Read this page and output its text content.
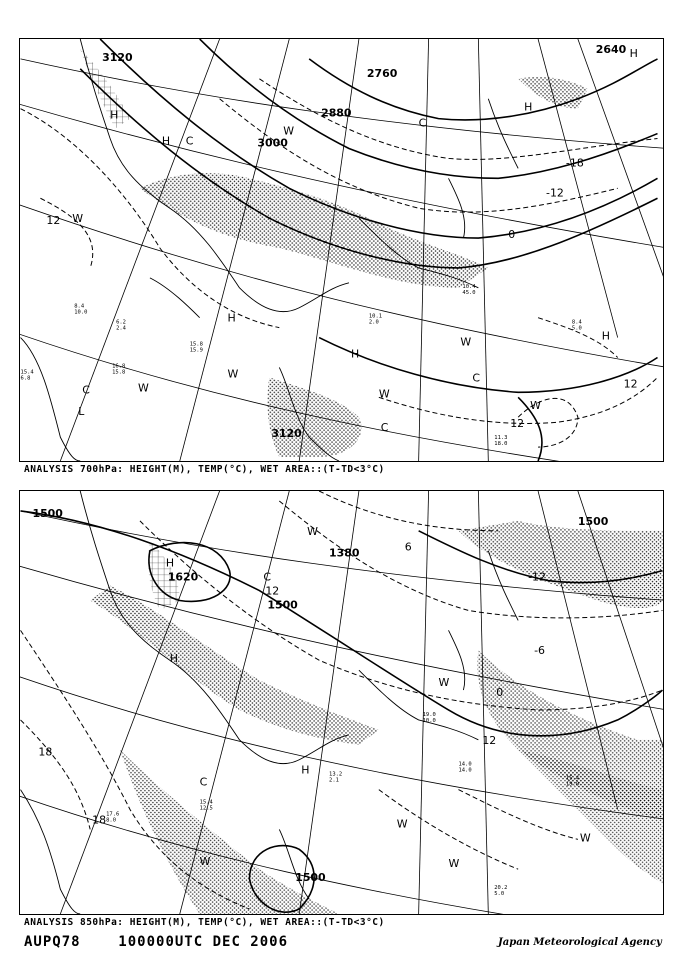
3120
3000
2880
2760
2640
3120
12
12
12
-18
-12
0
H
H C
W
W
C
L
W
H
W
H
C
W
H
W
C
W
C
H
H
10.4 45.0
8.4 5.0
11.3 18.0
16.8 15.8
8.4 10.0
6.2 2.4
15.8 15.9
15.4 6.8
10.1 2.0
ANALYSIS 700hPa: HEIGHT(M), TEMP(°C), WET AREA::(T-TD<3°C)
1500
1620
1500
1500
1380
1500
12
18
18
12
-12
-6
0
6
W
H
C
H
C
W	W
W
H
W
W
14.0 14.0
15.4 19.0
20.2 5.0
17.6 8.0
13.2 2.1
19.0 10.0
15.4 12.5
ANALYSIS 850hPa: HEIGHT(M), TEMP(°C), WET AREA::(T-TD<3°C)
AUPQ78	100000UTC DEC 2006	Japan Meteorological Agency
